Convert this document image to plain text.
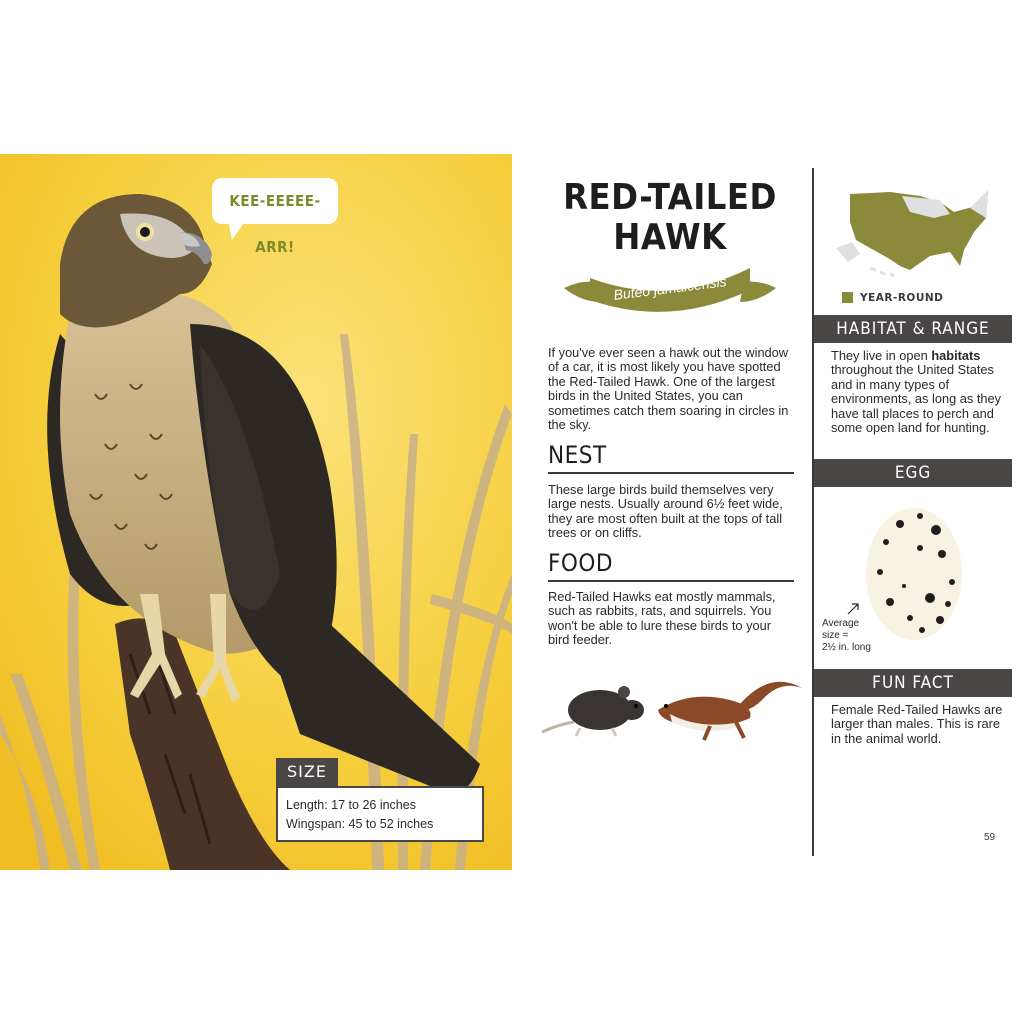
KEE-EEEEE-ARR!
SIZE
Length: 17 to 26 inches
Wingspan: 45 to 52 inches
RED-TAILED
HAWK
Buteo jamaicensis
If you've ever seen a hawk out the window of a car, it is most likely you have spotted the Red-Tailed Hawk. One of the largest birds in the United States, you can sometimes catch them soaring in circles in the sky.
NEST
These large birds build themselves very large nests. Usually around 6½ feet wide, they are most often built at the tops of tall trees or on cliffs.
FOOD
Red-Tailed Hawks eat mostly mammals, such as rabbits, rats, and squirrels. You won't be able to lure these birds to your bird feeder.
YEAR-ROUND
HABITAT & RANGE
They live in open habitats throughout the United States and in many types of environments, as long as they have tall places to perch and some open land for hunting.
EGG
Average
size =
2½ in. long
FUN FACT
Female Red-Tailed Hawks are larger than males. This is rare in the animal world.
59
